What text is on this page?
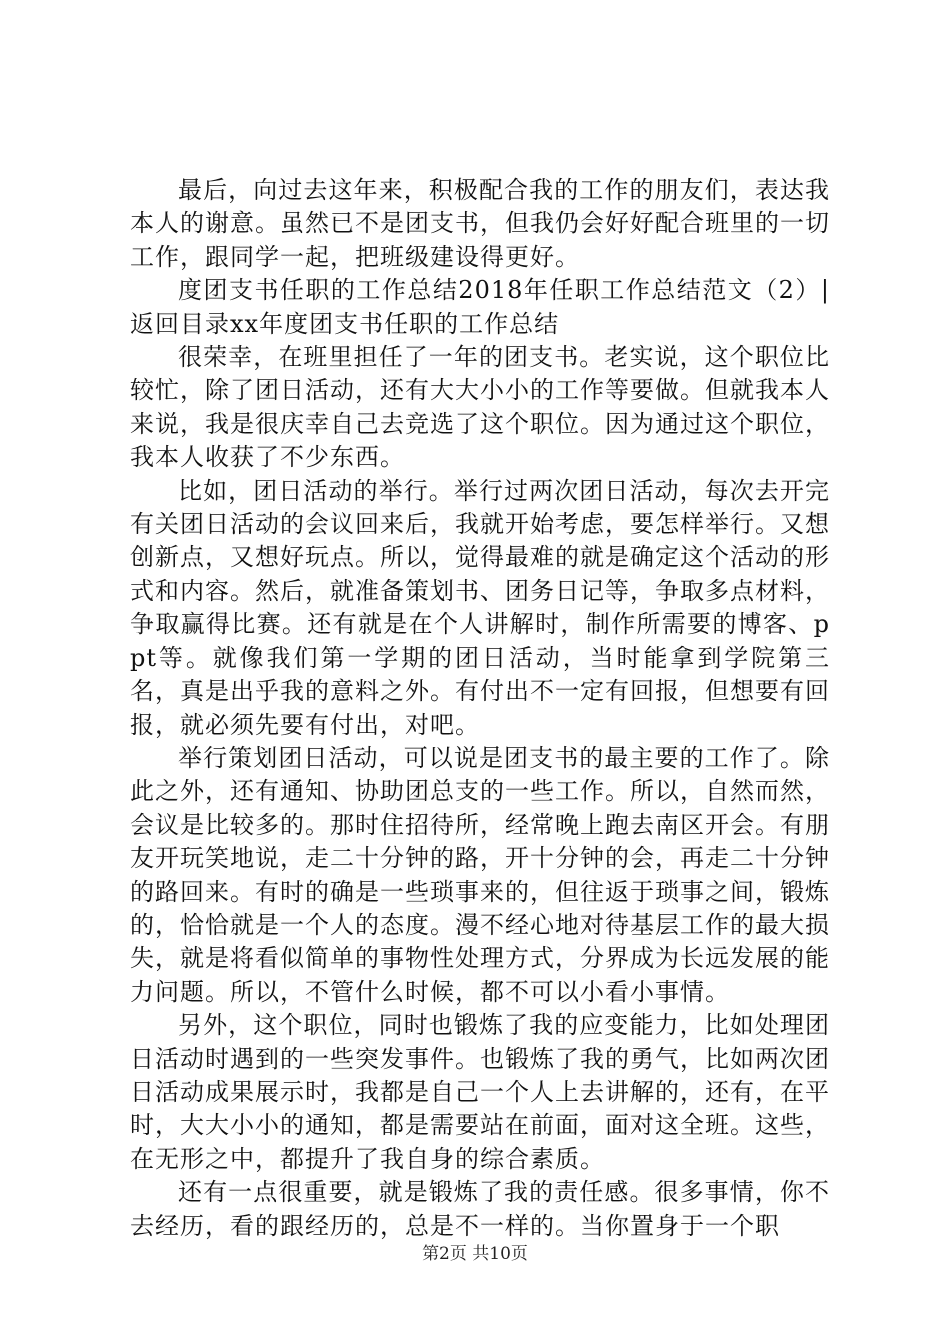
最后，向过去这年来，积极配合我的工作的朋友们，表达我本人的谢意。虽然已不是团支书，但我仍会好好配合班里的一切工作，跟同学一起，把班级建设得更好。

度团支书任职的工作总结2018年任职工作总结范文（2）|返回目录xx年度团支书任职的工作总结

很荣幸，在班里担任了一年的团支书。老实说，这个职位比较忙，除了团日活动，还有大大小小的工作等要做。但就我本人来说，我是很庆幸自己去竞选了这个职位。因为通过这个职位，我本人收获了不少东西。

比如，团日活动的举行。举行过两次团日活动，每次去开完有关团日活动的会议回来后，我就开始考虑，要怎样举行。又想创新点，又想好玩点。所以，觉得最难的就是确定这个活动的形式和内容。然后，就准备策划书、团务日记等，争取多点材料，争取赢得比赛。还有就是在个人讲解时，制作所需要的博客、ppt等。就像我们第一学期的团日活动，当时能拿到学院第三名，真是出乎我的意料之外。有付出不一定有回报，但想要有回报，就必须先要有付出，对吧。

举行策划团日活动，可以说是团支书的最主要的工作了。除此之外，还有通知、协助团总支的一些工作。所以，自然而然，会议是比较多的。那时住招待所，经常晚上跑去南区开会。有朋友开玩笑地说，走二十分钟的路，开十分钟的会，再走二十分钟的路回来。有时的确是一些琐事来的，但往返于琐事之间，锻炼的，恰恰就是一个人的态度。漫不经心地对待基层工作的最大损失，就是将看似简单的事物性处理方式，分界成为长远发展的能力问题。所以，不管什么时候，都不可以小看小事情。

另外，这个职位，同时也锻炼了我的应变能力，比如处理团日活动时遇到的一些突发事件。也锻炼了我的勇气，比如两次团日活动成果展示时，我都是自己一个人上去讲解的，还有，在平时，大大小小的通知，都是需要站在前面，面对这全班。这些，在无形之中，都提升了我自身的综合素质。

还有一点很重要，就是锻炼了我的责任感。很多事情，你不去经历，看的跟经历的，总是不一样的。当你置身于一个职

第2页 共10页
